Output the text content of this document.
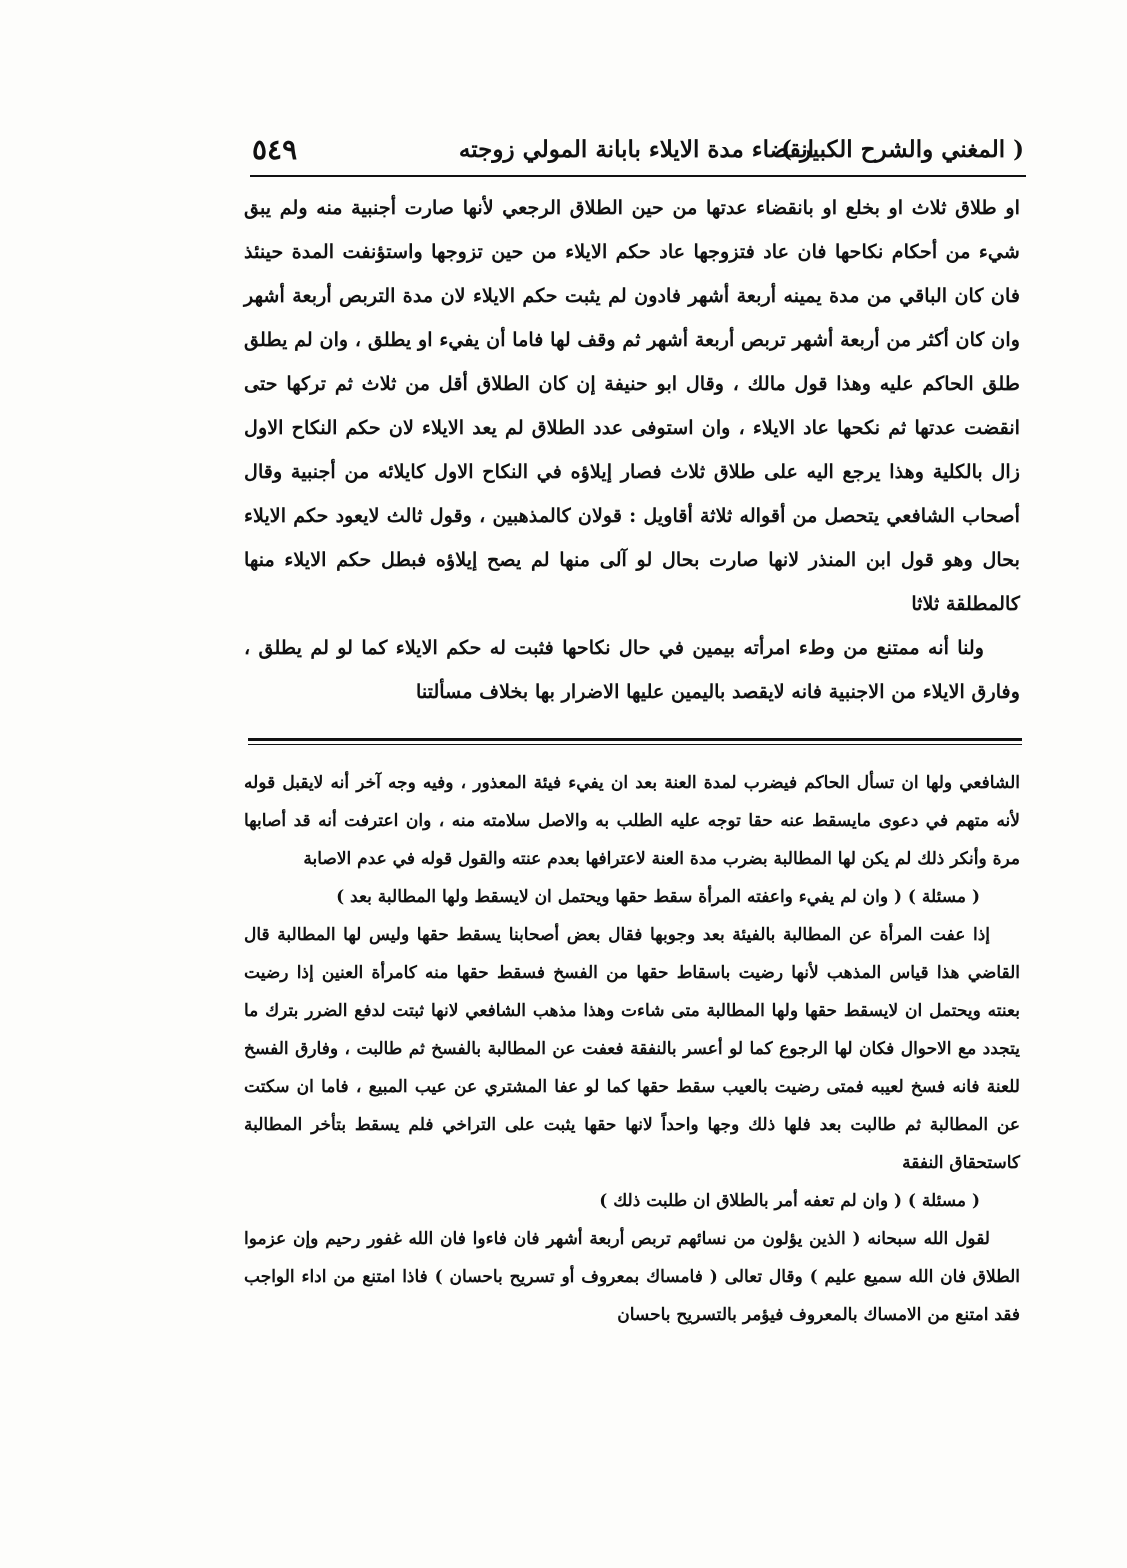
( المغني والشرح الكبير )
انقضاء مدة الايلاء بابانة المولي زوجته
٥٤٩

او طلاق ثلاث او بخلع او بانقضاء عدتها من حين الطلاق الرجعي لأنها صارت أجنبية منه ولم يبق شيء من أحكام نكاحها فان عاد فتزوجها عاد حكم الايلاء من حين تزوجها واستؤنفت المدة حينئذ فان كان الباقي من مدة يمينه أربعة أشهر فادون لم يثبت حكم الايلاء لان مدة التربص أربعة أشهر وان كان أكثر من أربعة أشهر تربص أربعة أشهر ثم وقف لها فاما أن يفيء او يطلق ، وان لم يطلق طلق الحاكم عليه وهذا قول مالك ، وقال ابو حنيفة إن كان الطلاق أقل من ثلاث ثم تركها حتى انقضت عدتها ثم نكحها عاد الايلاء ، وان استوفى عدد الطلاق لم يعد الايلاء لان حكم النكاح الاول زال بالكلية وهذا يرجع اليه على طلاق ثلاث فصار إيلاؤه في النكاح الاول كايلائه من أجنبية وقال أصحاب الشافعي يتحصل من أقواله ثلاثة أقاويل : قولان كالمذهبين ، وقول ثالث لايعود حكم الايلاء بحال وهو قول ابن المنذر لانها صارت بحال لو آلى منها لم يصح إيلاؤه فبطل حكم الايلاء منها كالمطلقة ثلاثا

ولنا أنه ممتنع من وطء امرأته بيمين في حال نكاحها فثبت له حكم الايلاء كما لو لم يطلق ، وفارق الايلاء من الاجنبية فانه لايقصد باليمين عليها الاضرار بها بخلاف مسألتنا

الشافعي ولها ان تسأل الحاكم فيضرب لمدة العنة بعد ان يفيء فيئة المعذور ، وفيه وجه آخر أنه لايقبل قوله لأنه متهم في دعوى مايسقط عنه حقا توجه عليه الطلب به والاصل سلامته منه ، وان اعترفت أنه قد أصابها مرة وأنكر ذلك لم يكن لها المطالبة بضرب مدة العنة لاعترافها بعدم عنته والقول قوله في عدم الاصابة

( مسئلة ) ( وان لم يفيء واعفته المرأة سقط حقها ويحتمل ان لايسقط ولها المطالبة بعد )

إذا عفت المرأة عن المطالبة بالفيئة بعد وجوبها فقال بعض أصحابنا يسقط حقها وليس لها المطالبة قال القاضي هذا قياس المذهب لأنها رضيت باسقاط حقها من الفسخ فسقط حقها منه كامرأة العنين إذا رضيت بعنته ويحتمل ان لايسقط حقها ولها المطالبة متى شاءت وهذا مذهب الشافعي لانها ثبتت لدفع الضرر بترك ما يتجدد مع الاحوال فكان لها الرجوع كما لو أعسر بالنفقة فعفت عن المطالبة بالفسخ ثم طالبت ، وفارق الفسخ للعنة فانه فسخ لعيبه فمتى رضيت بالعيب سقط حقها كما لو عفا المشتري عن عيب المبيع ، فاما ان سكتت عن المطالبة ثم طالبت بعد فلها ذلك وجها واحداً لانها حقها يثبت على التراخي فلم يسقط بتأخر المطالبة كاستحقاق النفقة

( مسئلة ) ( وان لم تعفه أمر بالطلاق ان طلبت ذلك )

لقول الله سبحانه ( الذين يؤلون من نسائهم تربص أربعة أشهر فان فاءوا فان الله غفور رحيم وإن عزموا الطلاق فان الله سميع عليم ) وقال تعالى ( فامساك بمعروف أو تسريح باحسان ) فاذا امتنع من اداء الواجب فقد امتنع من الامساك بالمعروف فيؤمر بالتسريح باحسان
